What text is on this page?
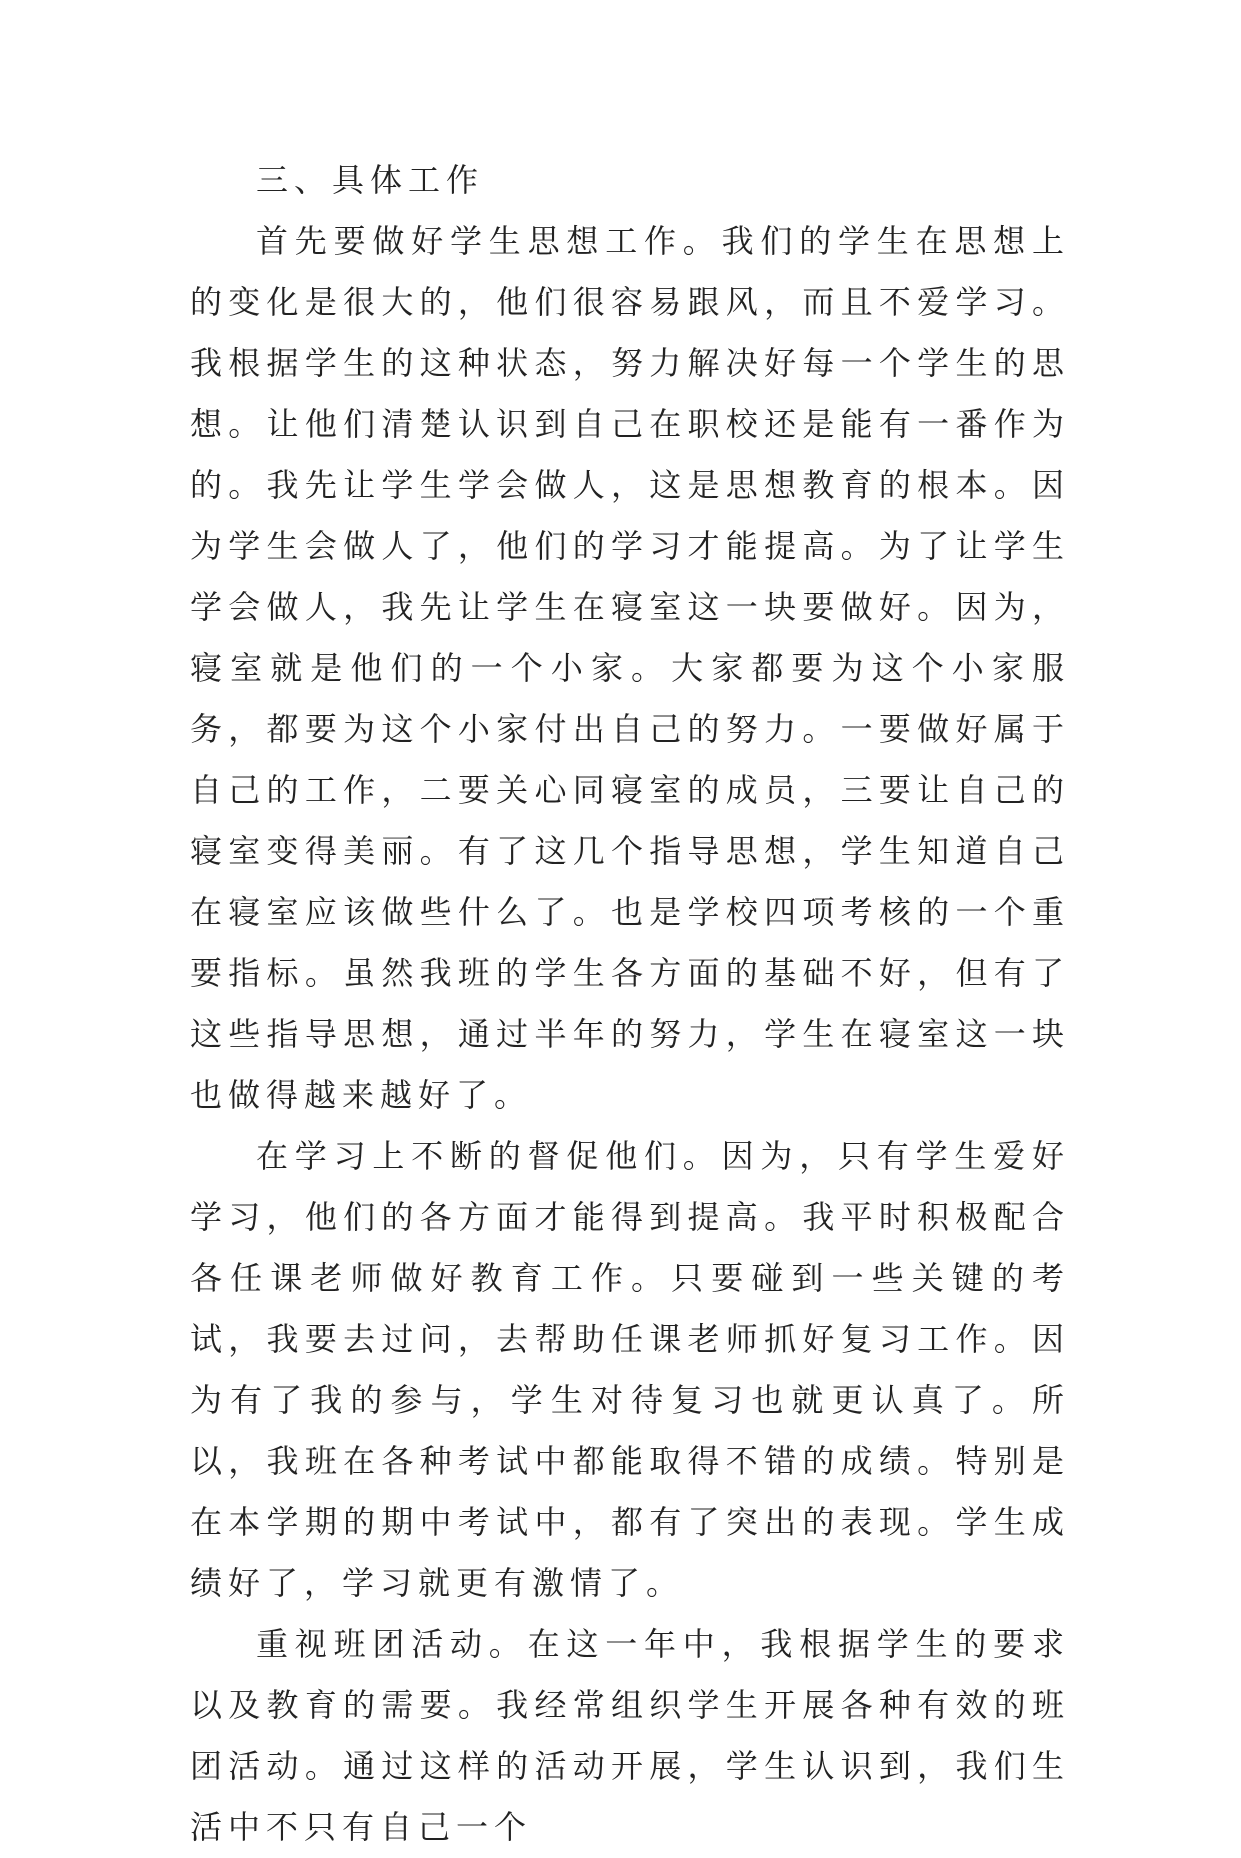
三、具体工作

首先要做好学生思想工作。我们的学生在思想上的变化是很大的，他们很容易跟风，而且不爱学习。我根据学生的这种状态，努力解决好每一个学生的思想。让他们清楚认识到自己在职校还是能有一番作为的。我先让学生学会做人，这是思想教育的根本。因为学生会做人了，他们的学习才能提高。为了让学生学会做人，我先让学生在寝室这一块要做好。因为，寝室就是他们的一个小家。大家都要为这个小家服务，都要为这个小家付出自己的努力。一要做好属于自己的工作，二要关心同寝室的成员，三要让自己的寝室变得美丽。有了这几个指导思想，学生知道自己在寝室应该做些什么了。也是学校四项考核的一个重要指标。虽然我班的学生各方面的基础不好，但有了这些指导思想，通过半年的努力，学生在寝室这一块也做得越来越好了。

在学习上不断的督促他们。因为，只有学生爱好学习，他们的各方面才能得到提高。我平时积极配合各任课老师做好教育工作。只要碰到一些关键的考试，我要去过问，去帮助任课老师抓好复习工作。因为有了我的参与，学生对待复习也就更认真了。所以，我班在各种考试中都能取得不错的成绩。特别是在本学期的期中考试中，都有了突出的表现。学生成绩好了，学习就更有激情了。

重视班团活动。在这一年中，我根据学生的要求以及教育的需要。我经常组织学生开展各种有效的班团活动。通过这样的活动开展，学生认识到，我们生活中不只有自己一个
